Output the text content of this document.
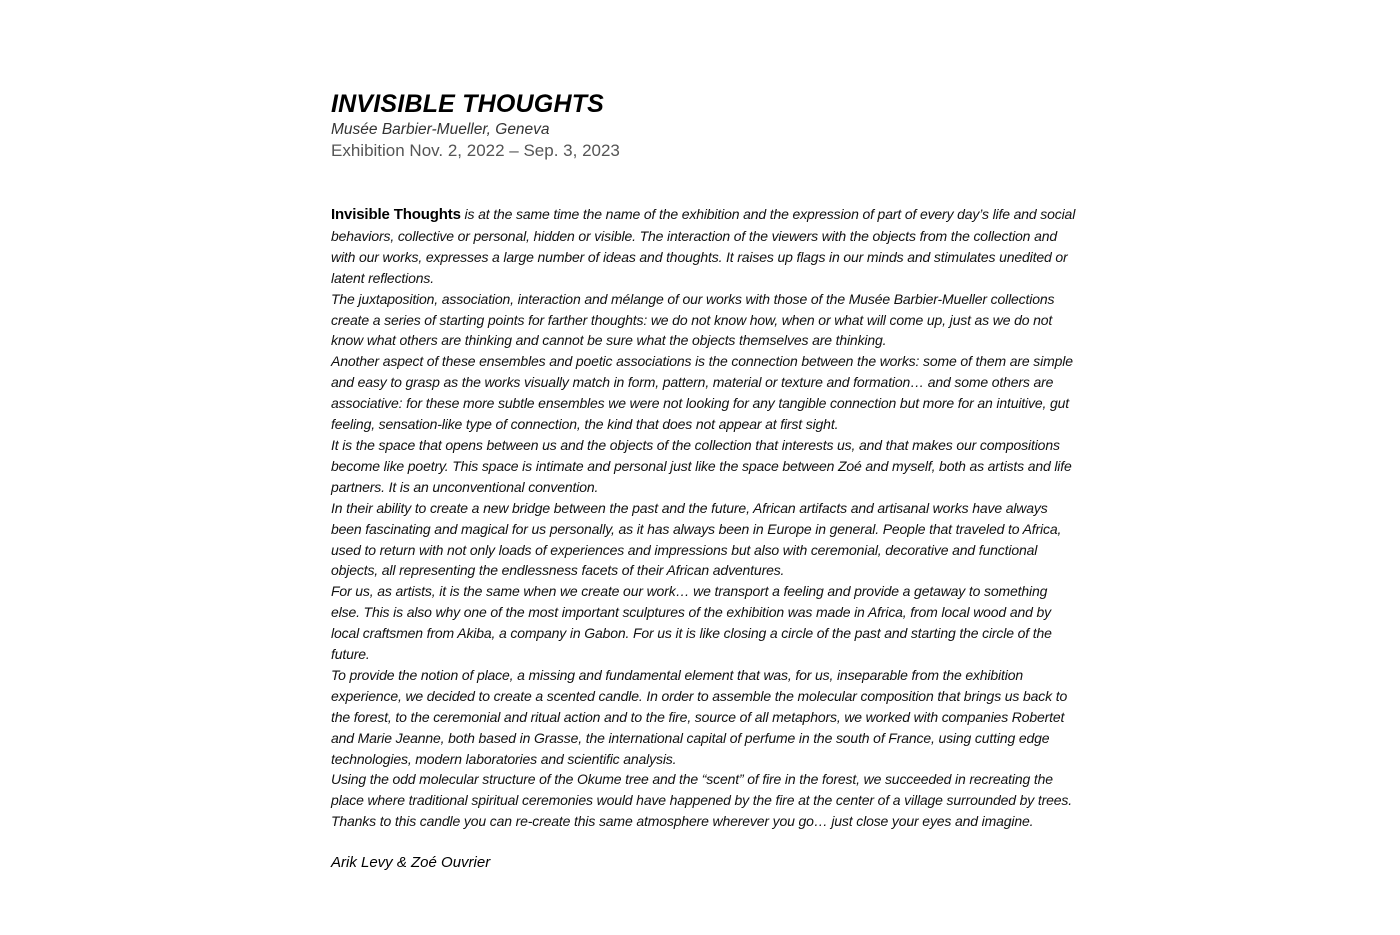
INVISIBLE THOUGHTS

Musée Barbier-Mueller, Geneva

Exhibition Nov. 2, 2022 – Sep. 3, 2023

Invisible Thoughts is at the same time the name of the exhibition and the expression of part of every day’s life and social behaviors, collective or personal, hidden or visible. The interaction of the viewers with the objects from the collection and with our works, expresses a large number of ideas and thoughts. It raises up flags in our minds and stimulates unedited or latent reflections.

The juxtaposition, association, interaction and mélange of our works with those of the Musée Barbier-Mueller collections create a series of starting points for farther thoughts: we do not know how, when or what will come up, just as we do not know what others are thinking and cannot be sure what the objects themselves are thinking.

Another aspect of these ensembles and poetic associations is the connection between the works: some of them are simple and easy to grasp as the works visually match in form, pattern, material or texture and formation… and some others are associative: for these more subtle ensembles we were not looking for any tangible connection but more for an intuitive, gut feeling, sensation-like type of connection, the kind that does not appear at first sight.

It is the space that opens between us and the objects of the collection that interests us, and that makes our compositions become like poetry. This space is intimate and personal just like the space between Zoé and myself, both as artists and life partners. It is an unconventional convention.

In their ability to create a new bridge between the past and the future, African artifacts and artisanal works have always been fascinating and magical for us personally, as it has always been in Europe in general. People that traveled to Africa, used to return with not only loads of experiences and impressions but also with ceremonial, decorative and functional objects, all representing the endlessness facets of their African adventures.

For us, as artists, it is the same when we create our work… we transport a feeling and provide a getaway to something else. This is also why one of the most important sculptures of the exhibition was made in Africa, from local wood and by local craftsmen from Akiba, a company in Gabon. For us it is like closing a circle of the past and starting the circle of the future.

To provide the notion of place, a missing and fundamental element that was, for us, inseparable from the exhibition experience, we decided to create a scented candle. In order to assemble the molecular composition that brings us back to the forest, to the ceremonial and ritual action and to the fire, source of all metaphors, we worked with companies Robertet and Marie Jeanne, both based in Grasse, the international capital of perfume in the south of France, using cutting edge technologies, modern laboratories and scientific analysis.

Using the odd molecular structure of the Okume tree and the “scent” of fire in the forest, we succeeded in recreating the place where traditional spiritual ceremonies would have happened by the fire at the center of a village surrounded by trees. Thanks to this candle you can re-create this same atmosphere wherever you go… just close your eyes and imagine.

Arik Levy & Zoé Ouvrier
